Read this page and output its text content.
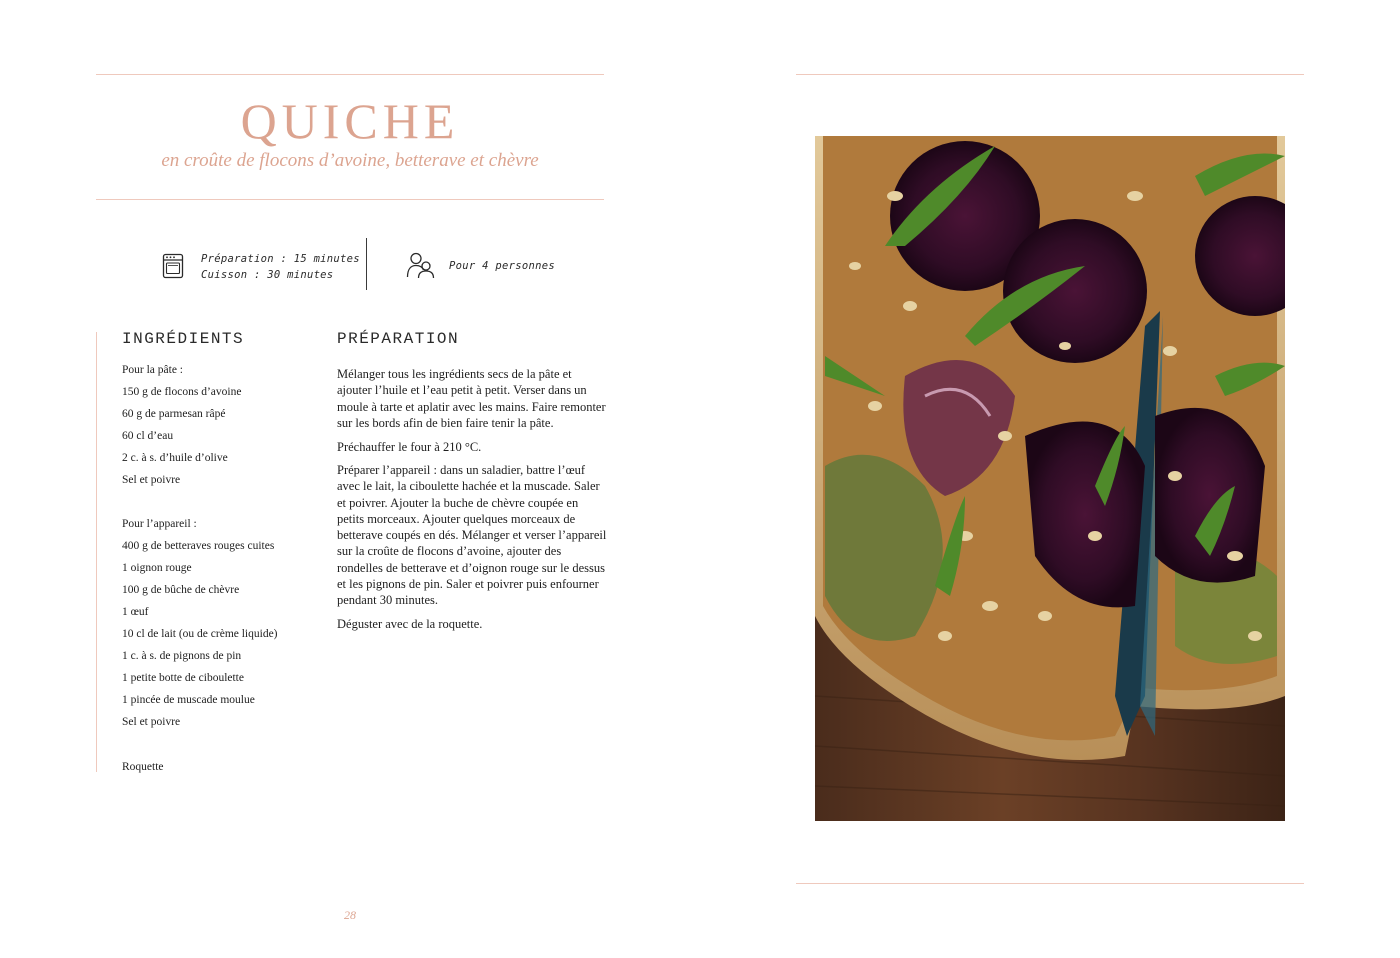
QUICHE
en croûte de flocons d’avoine, betterave et chèvre
Préparation : 15 minutes
Cuisson : 30 minutes
Pour 4 personnes
INGRÉDIENTS
Pour la pâte :
150 g de flocons d’avoine
60 g de parmesan râpé
60 cl d’eau
2 c. à s. d’huile d’olive
Sel et poivre
Pour l’appareil :
400 g de betteraves rouges cuites
1 oignon rouge
100 g de bûche de chèvre
1 œuf
10 cl de lait (ou de crème liquide)
1 c. à s. de pignons de pin
1 petite botte de ciboulette
1 pincée de muscade moulue
Sel et poivre
Roquette
PRÉPARATION
Mélanger tous les ingrédients secs de la pâte et ajouter l’huile et l’eau petit à petit. Verser dans un moule à tarte et aplatir avec les mains. Faire remonter sur les bords afin de bien faire tenir la pâte.
Préchauffer le four à 210 °C.
Préparer l’appareil : dans un saladier, battre l’œuf avec le lait, la ciboulette hachée et la muscade. Saler et poivrer. Ajouter la buche de chèvre coupée en petits morceaux. Ajouter quelques morceaux de betterave coupés en dés. Mélanger et verser l’appareil sur la croûte de flocons d’avoine, ajouter des rondelles de betterave et d’oignon rouge sur le dessus et les pignons de pin. Saler et poivrer puis enfourner pendant 30 minutes.
Déguster avec de la roquette.
28
